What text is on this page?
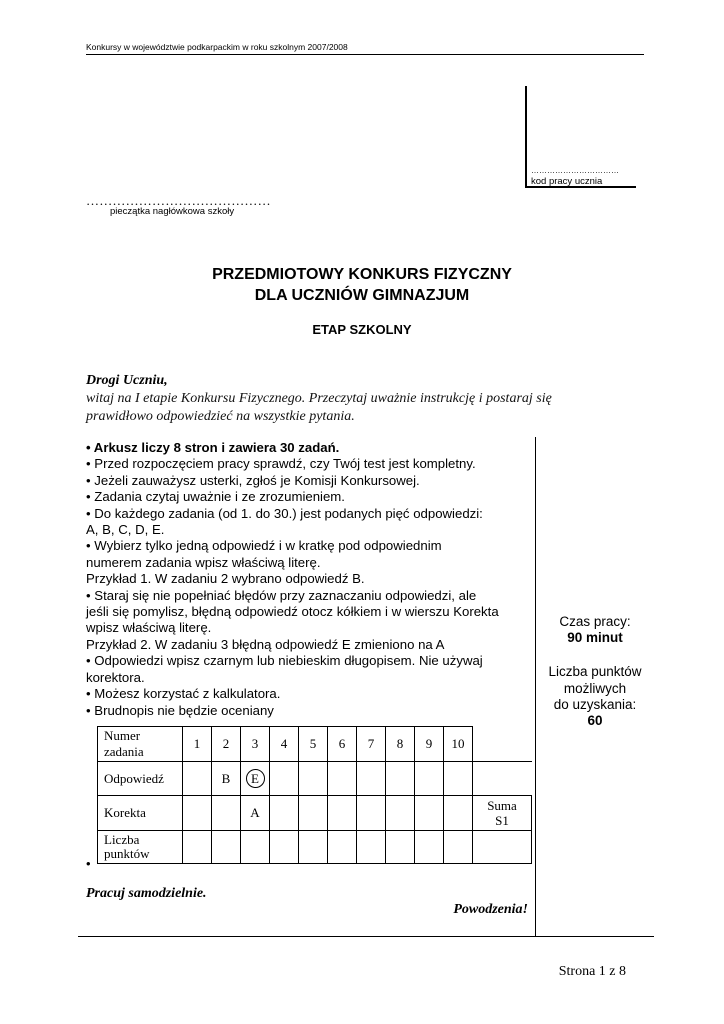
Konkursy w województwie podkarpackim w roku szkolnym 2007/2008
……………………………
kod pracy ucznia
……………………………………
pieczątka nagłówkowa szkoły
PRZEDMIOTOWY KONKURS FIZYCZNY
DLA UCZNIÓW GIMNAZJUM
ETAP SZKOLNY
Drogi Uczniu,
witaj na I etapie Konkursu Fizycznego. Przeczytaj uważnie instrukcję i postaraj się prawidłowo odpowiedzieć na wszystkie pytania.
• Arkusz liczy 8 stron i zawiera 30 zadań.
• Przed rozpoczęciem pracy sprawdź, czy Twój test jest kompletny.
• Jeżeli zauważysz usterki, zgłoś je Komisji Konkursowej.
• Zadania czytaj uważnie i ze zrozumieniem.
• Do każdego zadania (od 1. do 30.) jest podanych pięć odpowiedzi:
A, B, C, D, E.
• Wybierz tylko jedną odpowiedź i w kratkę pod odpowiednim
numerem zadania wpisz właściwą literę.
Przykład 1. W zadaniu 2 wybrano odpowiedź B.
• Staraj się nie popełniać błędów przy zaznaczaniu odpowiedzi, ale
jeśli się pomylisz, błędną odpowiedź otocz kółkiem i w wierszu Korekta
wpisz właściwą literę.
Przykład 2. W zadaniu 3 błędną odpowiedź E zmieniono na A
• Odpowiedzi wpisz czarnym lub niebieskim długopisem. Nie używaj
korektora.
• Możesz korzystać z kalkulatora.
• Brudnopis nie będzie oceniany
Czas pracy:
90 minut
Liczba punktów
możliwych
do uzyskania:
60
Numer
zadania	1	2	3	4	5	6	7	8	9	10	
Odpowiedź		B	E								
Korekta			A								Suma
S1
Liczba
punktów											
•
Pracuj samodzielnie.
Powodzenia!
Strona 1 z 8
